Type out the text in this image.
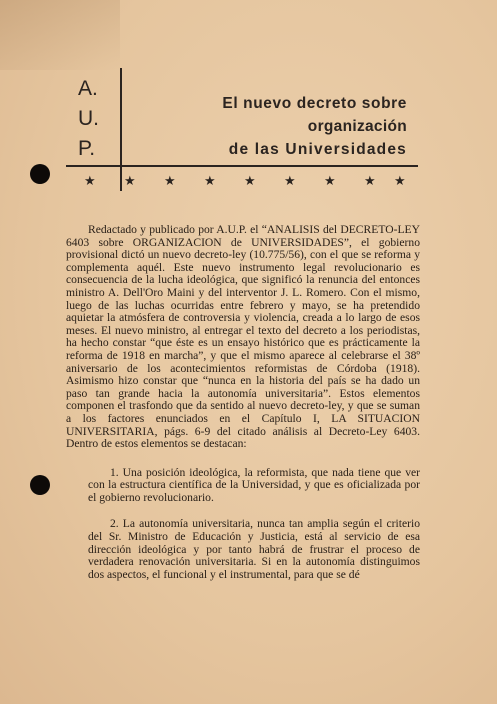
A.
U.
P.
El nuevo decreto sobre
organización
de las Universidades
★ ★ ★ ★ ★ ★ ★ ★ ★

Redactado y publicado por A.U.P. el “ANALISIS del DECRETO-LEY 6403 sobre ORGANIZACION de UNIVERSIDADES”, el gobierno provisional dictó un nuevo decreto-ley (10.775/56), con el que se reforma y complementa aquél. Este nuevo instrumento legal revolucionario es consecuencia de la lucha ideológica, que significó la renuncia del entonces ministro A. Dell'Oro Maini y del interventor J. L. Romero. Con el mismo, luego de las luchas ocurridas entre febrero y mayo, se ha pretendido aquietar la atmósfera de controversia y violencia, creada a lo largo de esos meses. El nuevo ministro, al entregar el texto del decreto a los periodistas, ha hecho constar “que éste es un ensayo histórico que es prácticamente la reforma de 1918 en marcha”, y que el mismo aparece al celebrarse el 38º aniversario de los acontecimientos reformistas de Córdoba (1918). Asimismo hizo constar que “nunca en la historia del país se ha dado un paso tan grande hacia la autonomía universitaria”. Estos elementos componen el trasfondo que da sentido al nuevo decreto-ley, y que se suman a los factores enunciados en el Capítulo I, LA SITUACION UNIVERSITARIA, págs. 6-9 del citado análisis al Decreto-Ley 6403. Dentro de estos elementos se destacan:

1. Una posición ideológica, la reformista, que nada tiene que ver con la estructura científica de la Universidad, y que es oficializada por el gobierno revolucionario.

2. La autonomía universitaria, nunca tan amplia según el criterio del Sr. Ministro de Educación y Justicia, está al servicio de esa dirección ideológica y por tanto habrá de frustrar el proceso de verdadera renovación universitaria. Si en la autonomía distinguimos dos aspectos, el funcional y el instrumental, para que se dé
